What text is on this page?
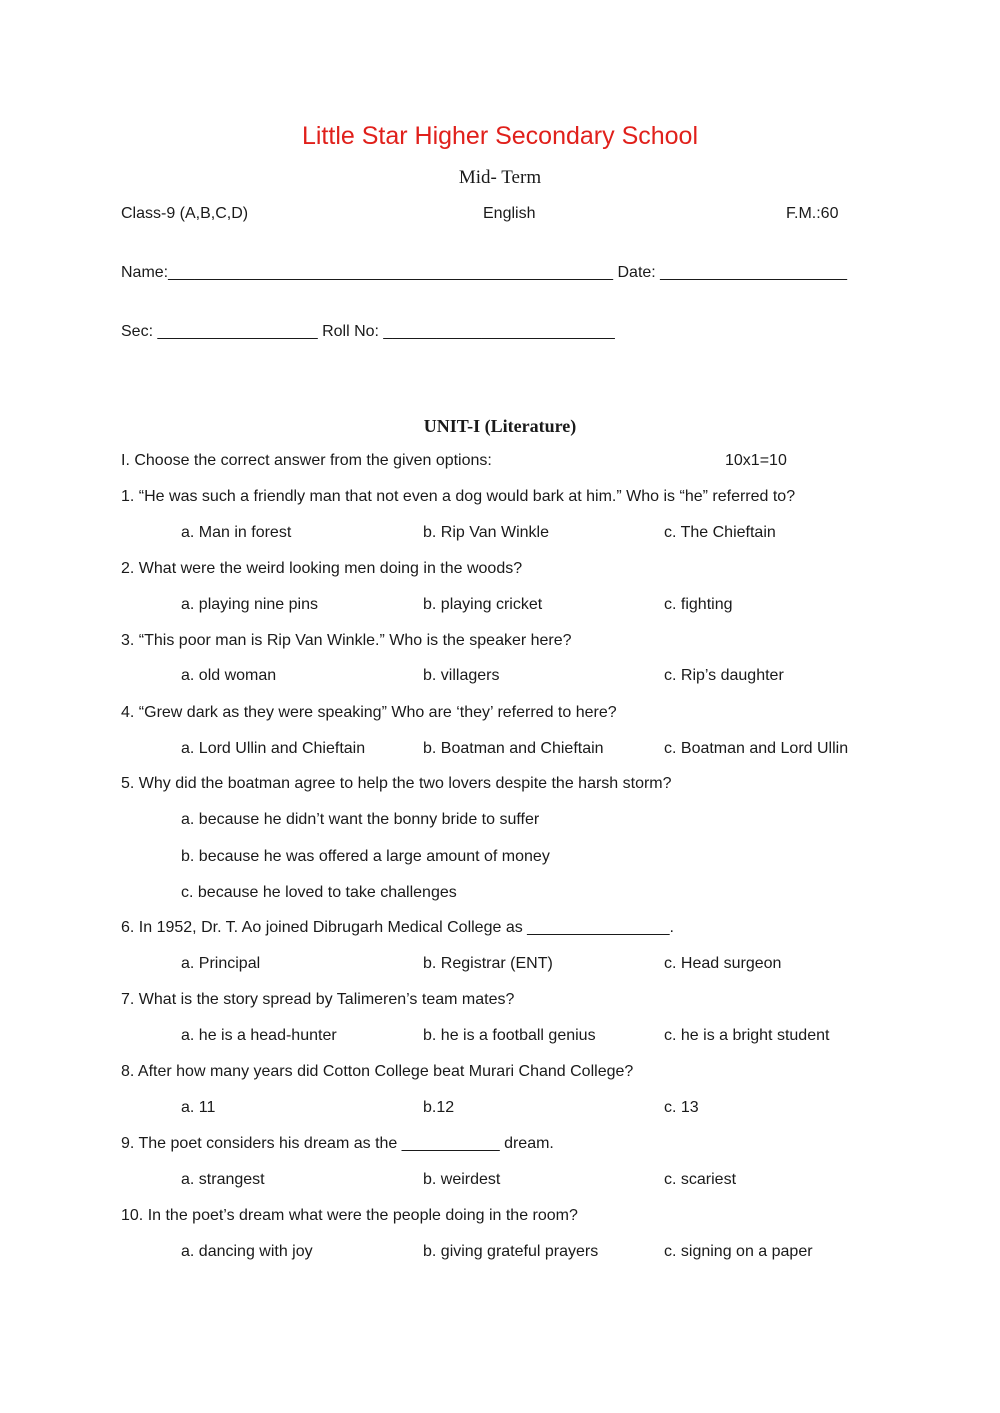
Little Star Higher Secondary School
Mid- Term
Class-9 (A,B,C,D)	English	F.M.:60
Name:__________________________________________________ Date: _____________________
Sec: __________________ Roll No: __________________________
UNIT-I (Literature)
I. Choose the correct answer from the given options:	10x1=10
1. “He was such a friendly man that not even a dog would bark at him.” Who is “he” referred to?
a. Man in forest	b. Rip Van Winkle	c. The Chieftain
2. What were the weird looking men doing in the woods?
a. playing nine pins	b. playing cricket	c. fighting
3. “This poor man is Rip Van Winkle.” Who is the speaker here?
a. old woman	b. villagers	c. Rip’s daughter
4. “Grew dark as they were speaking” Who are ‘they’ referred to here?
a. Lord Ullin and Chieftain	b. Boatman and Chieftain	c. Boatman and Lord Ullin
5. Why did the boatman agree to help the two lovers despite the harsh storm?
a. because he didn’t want the bonny bride to suffer
b. because he was offered a large amount of money
c. because he loved to take challenges
6. In 1952, Dr. T. Ao joined Dibrugarh Medical College as ________________.
a. Principal	b. Registrar (ENT)	c. Head surgeon
7. What is the story spread by Talimeren’s team mates?
a. he is a head-hunter	b. he is a football genius	c. he is a bright student
8. After how many years did Cotton College beat Murari Chand College?
a. 11	b.12	c. 13
9. The poet considers his dream as the ___________ dream.
a. strangest	b. weirdest	c. scariest
10. In the poet’s dream what were the people doing in the room?
a. dancing with joy	b. giving grateful prayers	c. signing on a paper
